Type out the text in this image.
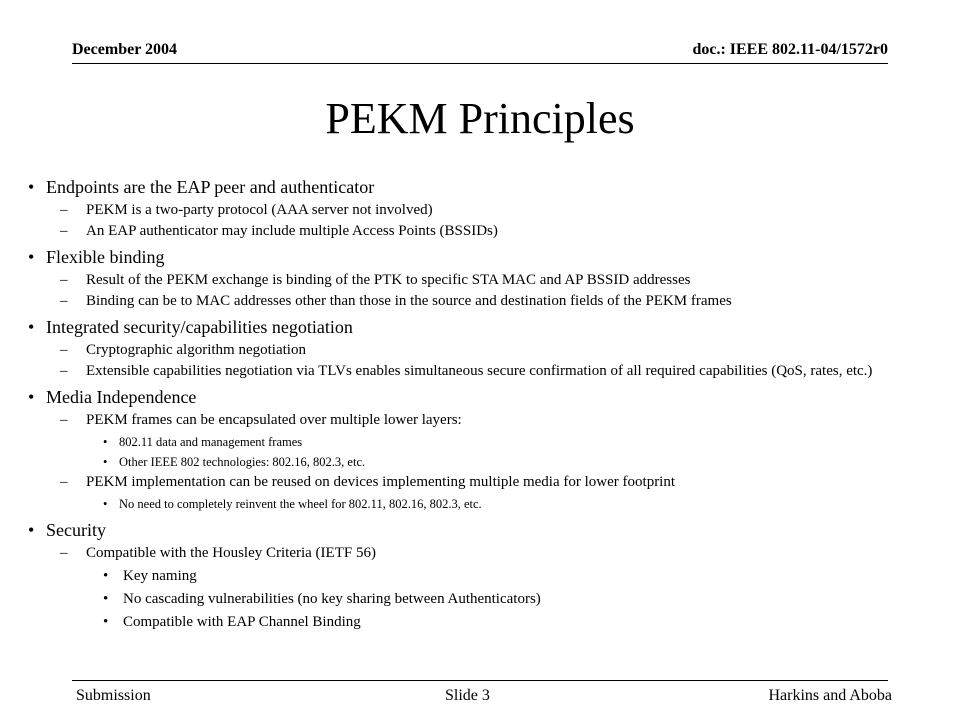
December 2004	doc.: IEEE 802.11-04/1572r0
PEKM Principles

• Endpoints are the EAP peer and authenticator

– PEKM is a two-party protocol (AAA server not involved)
– An EAP authenticator may include multiple Access Points (BSSIDs)

• Flexible binding

– Result of the PEKM exchange is binding of the PTK to specific STA MAC and AP BSSID addresses
– Binding can be to MAC addresses other than those in the source and destination fields of the PEKM frames

• Integrated security/capabilities negotiation

– Cryptographic algorithm negotiation
– Extensible capabilities negotiation via TLVs enables simultaneous secure confirmation of all required capabilities (QoS, rates, etc.)

• Media Independence

– PEKM frames can be encapsulated over multiple lower layers:
• 802.11 data and management frames
• Other IEEE 802 technologies: 802.16, 802.3, etc.
– PEKM implementation can be reused on devices implementing multiple media for lower footprint
• No need to completely reinvent the wheel for 802.11, 802.16, 802.3, etc.

• Security

– Compatible with the Housley Criteria (IETF 56)
• Key naming
• No cascading vulnerabilities (no key sharing between Authenticators)
• Compatible with EAP Channel Binding
Submission	Slide 3	Harkins and Aboba
